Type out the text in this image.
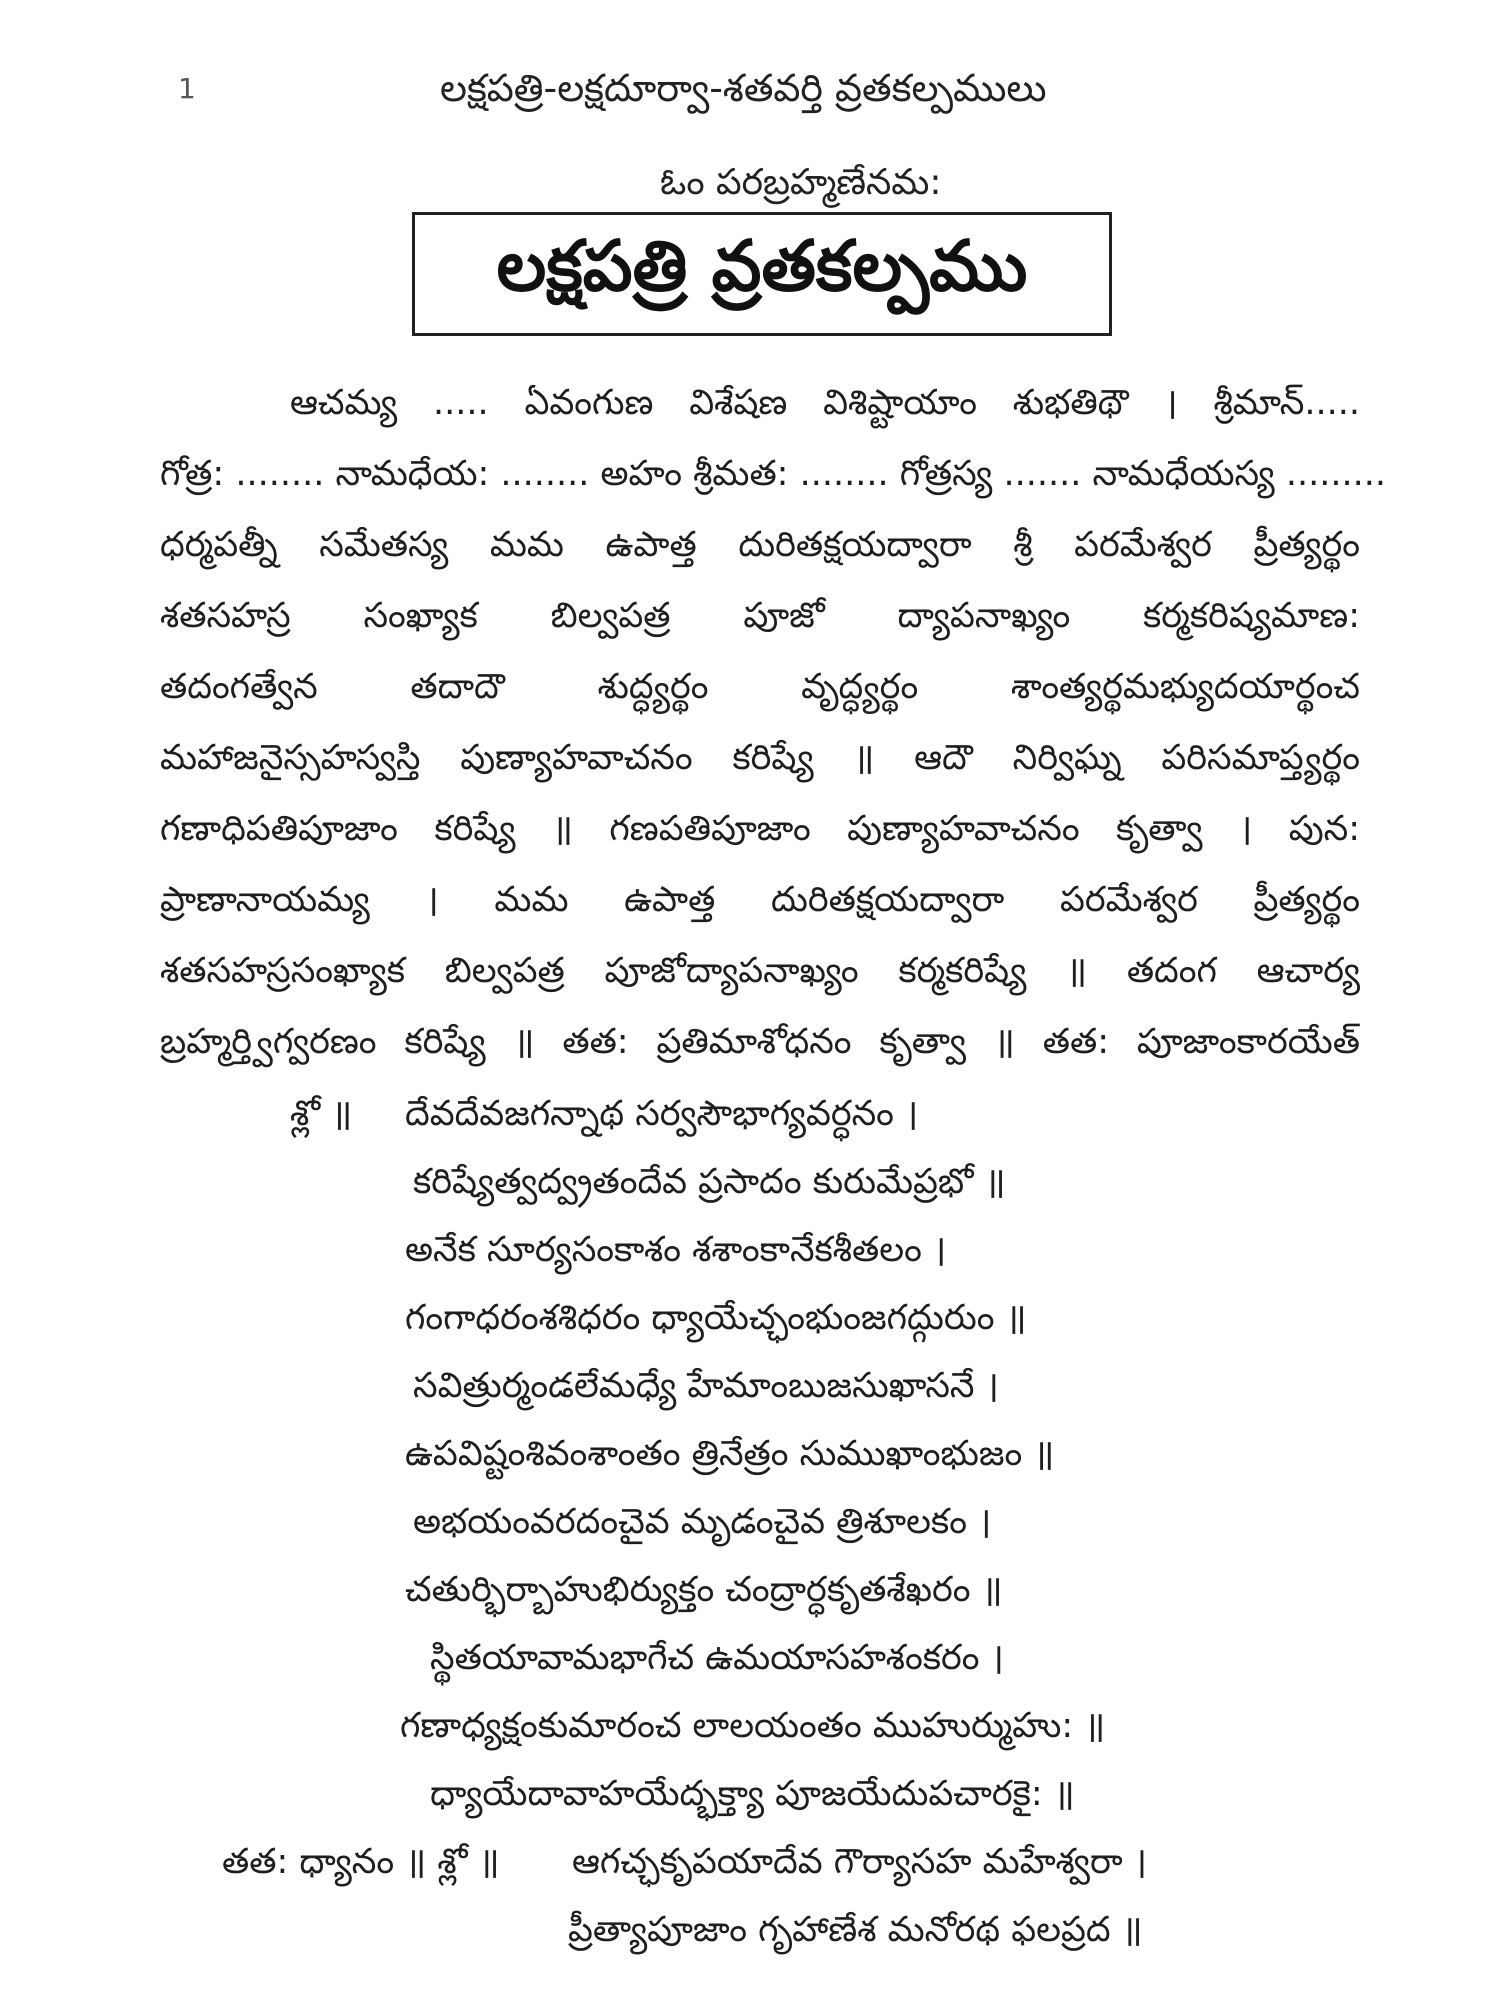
1	లక్షపత్రి-లక్షదూర్వా-శతవర్తి వ్రతకల్పములు
ఓం పరబ్రహ్మణేనమ:
లక్షపత్రి వ్రతకల్పము
ఆచమ్య ..... ఏవంగుణ విశేషణ విశిష్టాయాం శుభతిథౌ । శ్రీమాన్.....
గోత్ర: ........ నామధేయ: ........ అహం శ్రీమత: ........ గోత్రస్య ....... నామధేయస్య .........
ధర్మపత్నీ సమేతస్య మమ ఉపాత్త దురితక్షయద్వారా శ్రీ పరమేశ్వర ప్రీత్యర్థం
శతసహస్ర సంఖ్యాక బిల్వపత్ర పూజో ద్యాపనాఖ్యం కర్మకరిష్యమాణ:
తదంగత్వేన తదాదౌ శుద్ధ్యర్థం వృద్ధ్యర్థం శాంత్యర్థమభ్యుదయార్థంచ
మహాజనైస్సహస్వస్తి పుణ్యాహవాచనం కరిష్యే ॥ ఆదౌ నిర్విఘ్న పరిసమాప్త్యర్థం
గణాధిపతిపూజాం కరిష్యే ॥ గణపతిపూజాం పుణ్యాహవాచనం కృత్వా । పున:
ప్రాణానాయమ్య । మమ ఉపాత్త దురితక్షయద్వారా పరమేశ్వర ప్రీత్యర్థం
శతసహస్రసంఖ్యాక బిల్వపత్ర పూజోద్యాపనాఖ్యం కర్మకరిష్యే ॥ తదంగ ఆచార్య
బ్రహ్మర్త్విగ్వరణం కరిష్యే ॥ తత: ప్రతిమాశోధనం కృత్వా ॥ తత: పూజాంకారయేత్
శ్లో ॥ దేవదేవజగన్నాథ సర్వసౌభాగ్యవర్ధనం ।
కరిష్యేత్వద్వ్రతందేవ ప్రసాదం కురుమేప్రభో ॥
అనేక సూర్యసంకాశం శశాంకానేకశీతలం ।
గంగాధరంశశిధరం ధ్యాయేచ్ఛంభుంజగద్గురుం ॥
సవిత్రుర్మండలేమధ్యే హేమాంబుజసుఖాసనే ।
ఉపవిష్టంశివంశాంతం త్రినేత్రం సుముఖాంభుజం ॥
అభయంవరదంచైవ మృడంచైవ త్రిశూలకం ।
చతుర్భిర్బాహుభిర్యుక్తం చంద్రార్ధకృతశేఖరం ॥
స్థితయావామభాగేచ ఉమయాసహశంకరం ।
గణాధ్యక్షంకుమారంచ లాలయంతం ముహుర్ముహు: ॥
ధ్యాయేదావాహయేద్భక్త్యా పూజయేదుపచారకై: ॥
తత: ధ్యానం ॥ శ్లో ॥ ఆగచ్ఛకృపయాదేవ గౌర్యాసహ మహేశ్వరా ।
ప్రీత్యాపూజాం గృహాణేశ మనోరథ ఫలప్రద ॥
